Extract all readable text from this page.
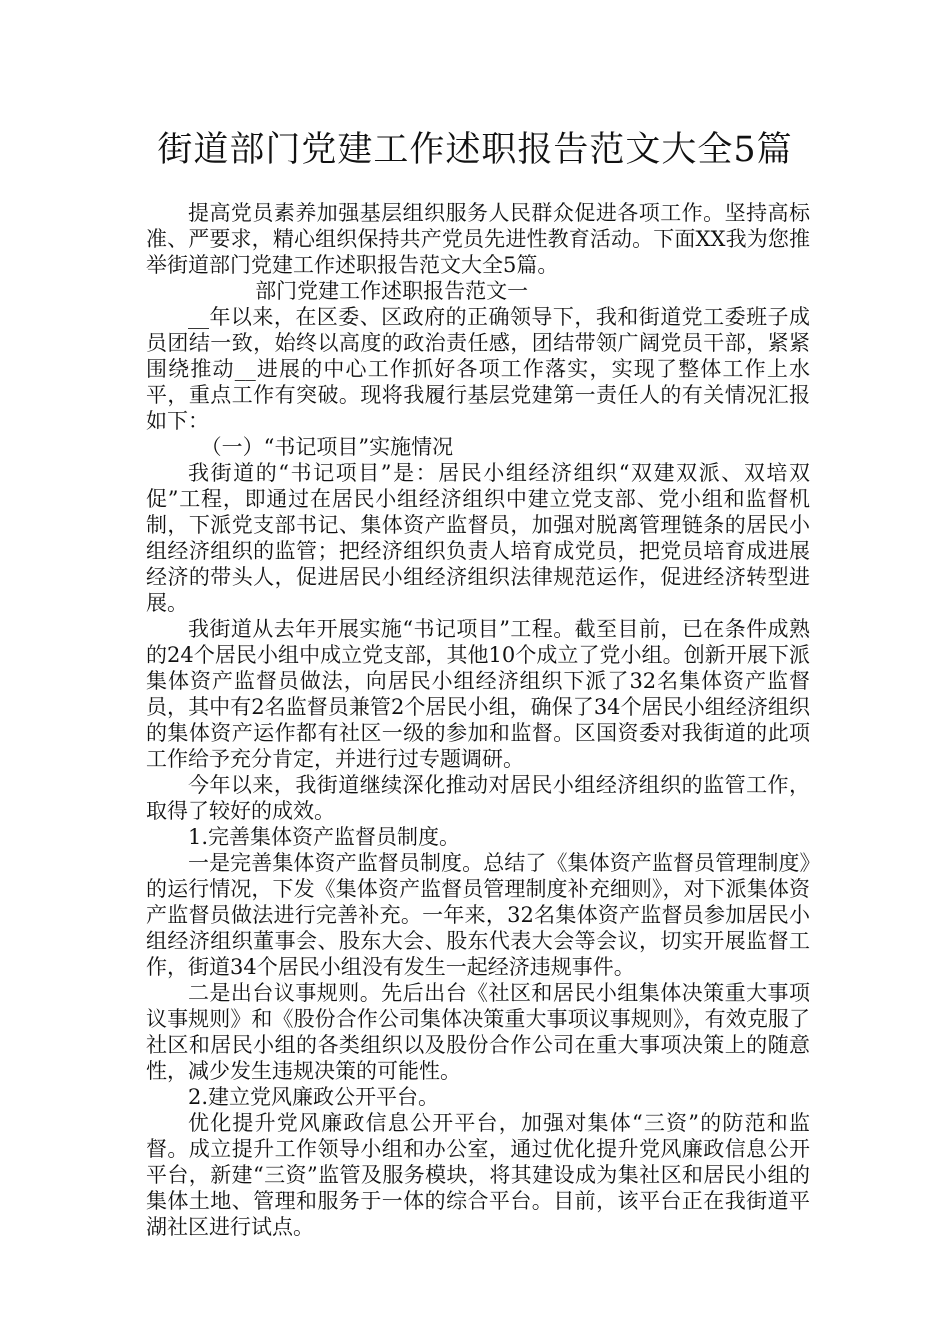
街道部门党建工作述职报告范文大全5篇

提高党员素养加强基层组织服务人民群众促进各项工作。坚持高标准、严要求，精心组织保持共产党员先进性教育活动。下面XX我为您推举街道部门党建工作述职报告范文大全5篇。

部门党建工作述职报告范文一

__年以来，在区委、区政府的正确领导下，我和街道党工委班子成员团结一致，始终以高度的政治责任感，团结带领广阔党员干部，紧紧围绕推动__进展的中心工作抓好各项工作落实，实现了整体工作上水平，重点工作有突破。现将我履行基层党建第一责任人的有关情况汇报如下：

（一）“书记项目”实施情况

我街道的“书记项目”是：居民小组经济组织“双建双派、双培双促”工程，即通过在居民小组经济组织中建立党支部、党小组和监督机制，下派党支部书记、集体资产监督员，加强对脱离管理链条的居民小组经济组织的监管；把经济组织负责人培育成党员，把党员培育成进展经济的带头人，促进居民小组经济组织法律规范运作，促进经济转型进展。

我街道从去年开展实施“书记项目”工程。截至目前，已在条件成熟的24个居民小组中成立党支部，其他10个成立了党小组。创新开展下派集体资产监督员做法，向居民小组经济组织下派了32名集体资产监督员，其中有2名监督员兼管2个居民小组，确保了34个居民小组经济组织的集体资产运作都有社区一级的参加和监督。区国资委对我街道的此项工作给予充分肯定，并进行过专题调研。

今年以来，我街道继续深化推动对居民小组经济组织的监管工作，取得了较好的成效。

1.完善集体资产监督员制度。

一是完善集体资产监督员制度。总结了《集体资产监督员管理制度》的运行情况，下发《集体资产监督员管理制度补充细则》，对下派集体资产监督员做法进行完善补充。一年来，32名集体资产监督员参加居民小组经济组织董事会、股东大会、股东代表大会等会议，切实开展监督工作，街道34个居民小组没有发生一起经济违规事件。

二是出台议事规则。先后出台《社区和居民小组集体决策重大事项议事规则》和《股份合作公司集体决策重大事项议事规则》，有效克服了社区和居民小组的各类组织以及股份合作公司在重大事项决策上的随意性，减少发生违规决策的可能性。

2.建立党风廉政公开平台。

优化提升党风廉政信息公开平台，加强对集体“三资”的防范和监督。成立提升工作领导小组和办公室，通过优化提升党风廉政信息公开平台，新建“三资”监管及服务模块，将其建设成为集社区和居民小组的集体土地、管理和服务于一体的综合平台。目前，该平台正在我街道平湖社区进行试点。
